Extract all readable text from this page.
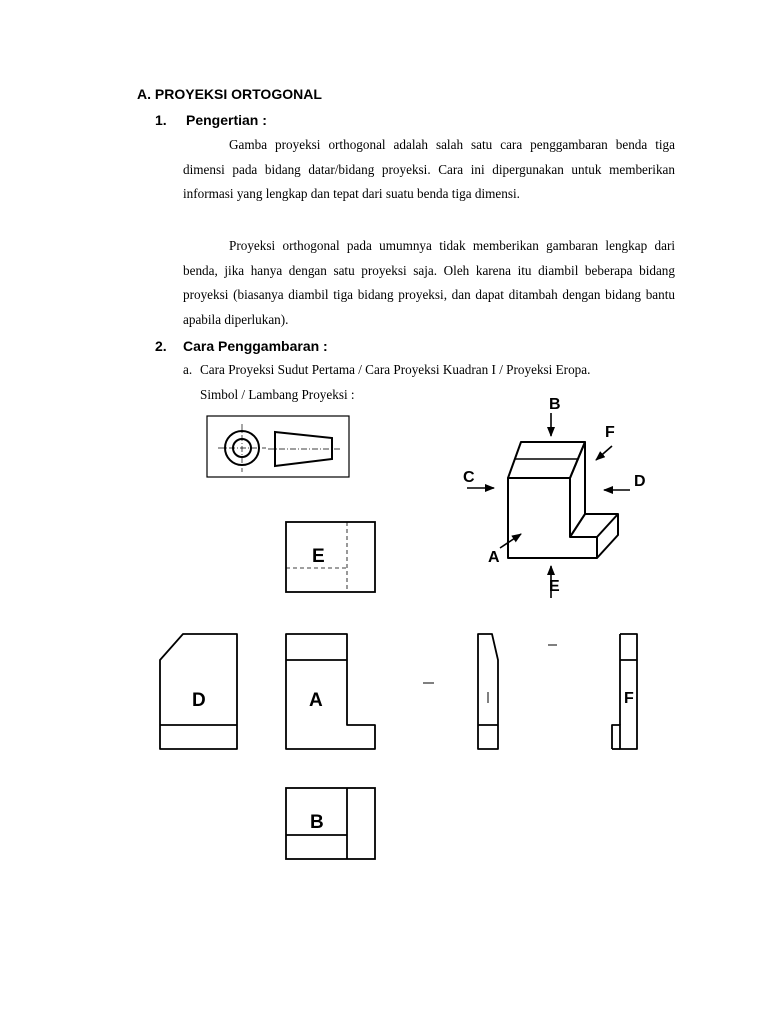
A. PROYEKSI ORTOGONAL
1. Pengertian :
Gamba proyeksi orthogonal adalah salah satu cara penggambaran benda tiga dimensi pada bidang datar/bidang proyeksi. Cara ini dipergunakan untuk memberikan informasi yang lengkap dan tepat dari suatu benda tiga dimensi.
Proyeksi orthogonal pada umumnya tidak memberikan gambaran lengkap dari benda, jika hanya dengan satu proyeksi saja. Oleh karena itu diambil beberapa bidang proyeksi (biasanya diambil tiga bidang proyeksi, dan dapat ditambah dengan bidang bantu apabila diperlukan).
2. Cara Penggambaran :
a. Cara Proyeksi Sudut Pertama / Cara Proyeksi Kuadran I / Proyeksi Eropa.
Simbol / Lambang Proyeksi :
B
F
C	D
A
E
E
D	A
B
F
